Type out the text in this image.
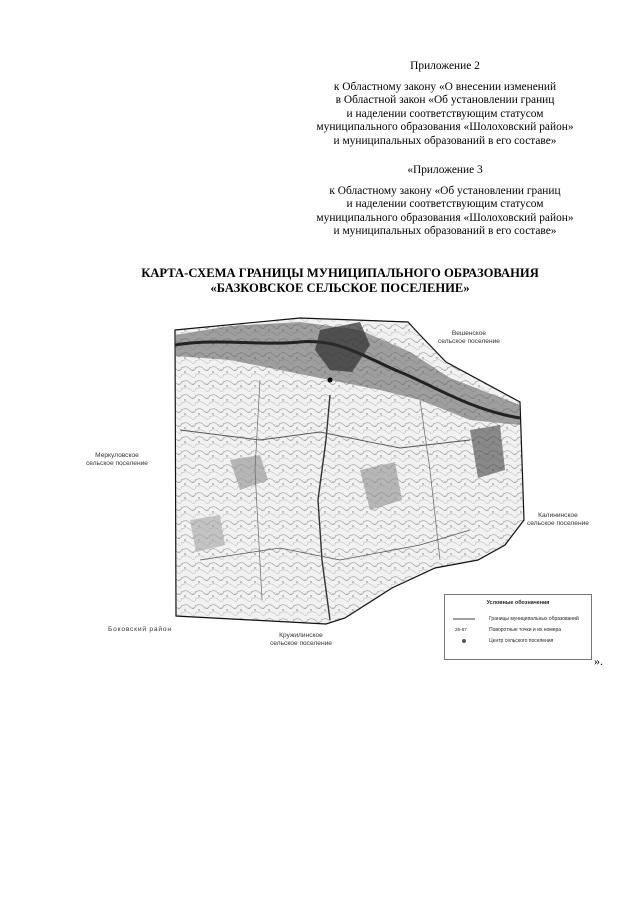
Приложение 2
к Областному закону «О внесении изменений
в Областной закон «Об установлении границ
и наделении соответствующим статусом
муниципального образования «Шолоховский район»
и муниципальных образований в его составе»
«Приложение 3
к Областному закону «Об установлении границ
и наделении соответствующим статусом
муниципального образования «Шолоховский район»
и муниципальных образований в его составе»
КАРТА-СХЕМА ГРАНИЦЫ МУНИЦИПАЛЬНОГО ОБРАЗОВАНИЯ
«БАЗКОВСКОЕ СЕЛЬСКОЕ ПОСЕЛЕНИЕ»
Вешенское
сельское поселение
Меркуловское
сельское поселение
Калининское
сельское поселение
Боковский район
Кружилинское
сельское поселение
Условные обозначения
Границы муниципальных образований
25-67	Поворотные точки и их номера
Центр сельского поселения
».
